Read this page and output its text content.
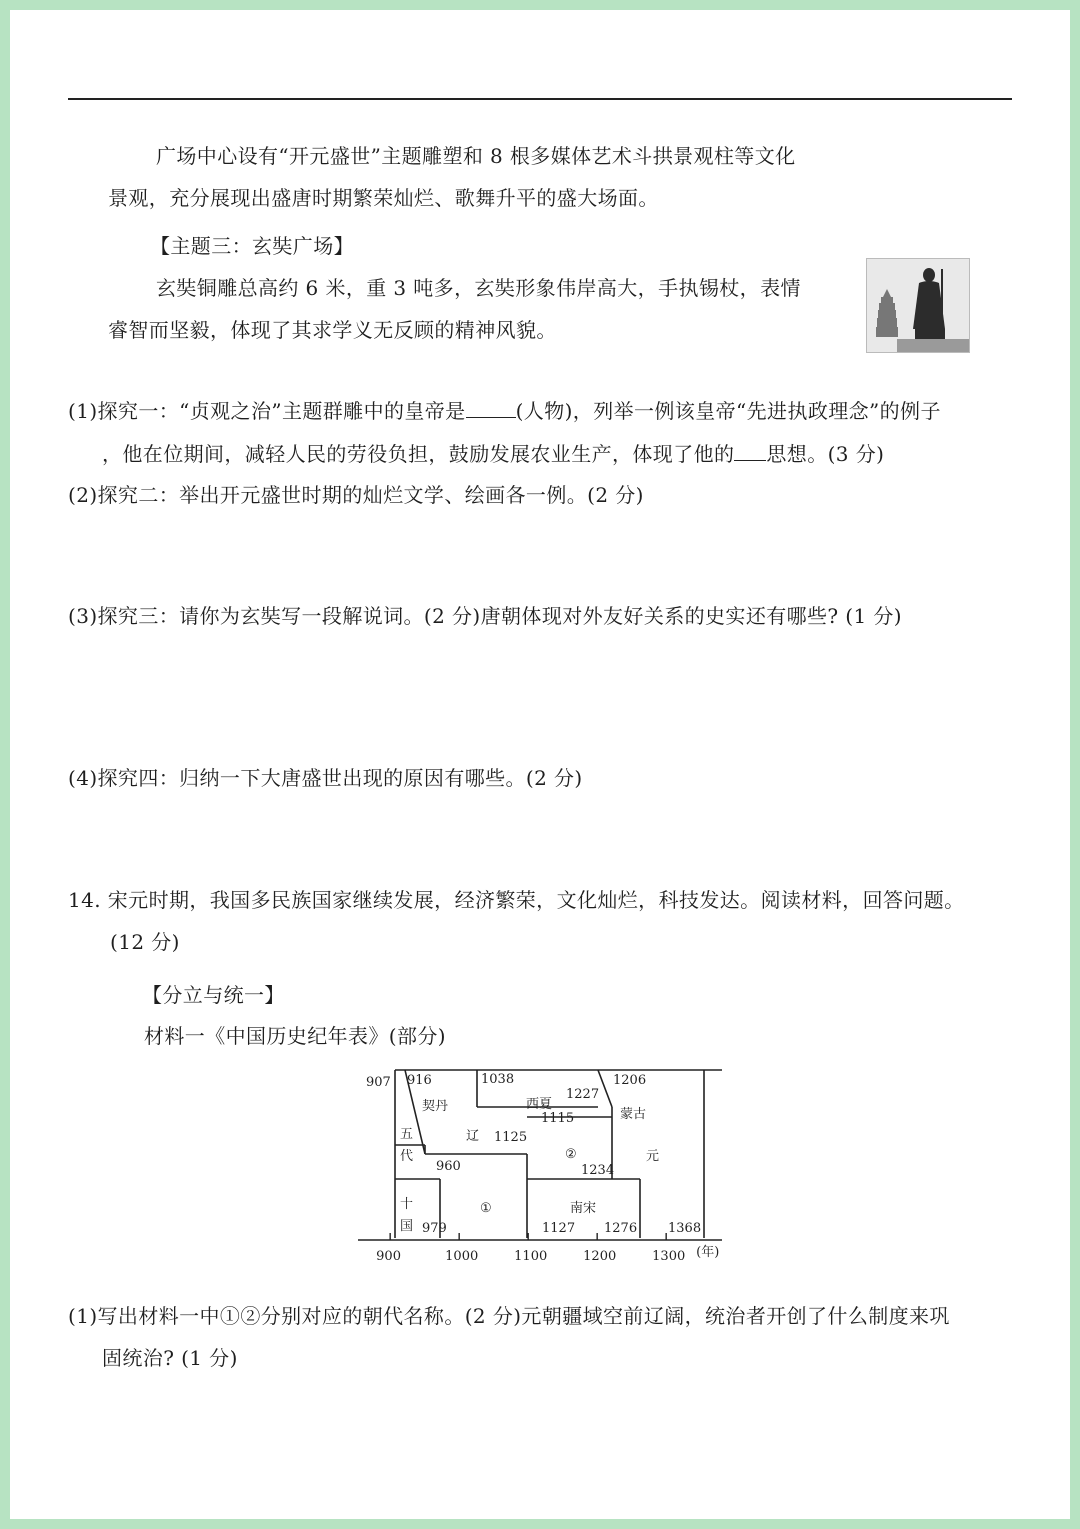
广场中心设有“开元盛世”主题雕塑和 8 根多媒体艺术斗拱景观柱等文化
景观，充分展现出盛唐时期繁荣灿烂、歌舞升平的盛大场面。
【主题三：玄奘广场】
玄奘铜雕总高约 6 米，重 3 吨多，玄奘形象伟岸高大，手执锡杖，表情
睿智而坚毅，体现了其求学义无反顾的精神风貌。
(1)探究一：“贞观之治”主题群雕中的皇帝是	(人物)，列举一例该皇帝“先进执政理念”的例子
，他在位期间，减轻人民的劳役负担，鼓励发展农业生产，体现了他的 思想。(3 分)
(2)探究二：举出开元盛世时期的灿烂文学、绘画各一例。(2 分)
(3)探究三：请你为玄奘写一段解说词。(2 分)唐朝体现对外友好关系的史实还有哪些? (1 分)
(4)探究四：归纳一下大唐盛世出现的原因有哪些。(2 分)
14. 宋元时期，我国多民族国家继续发展，经济繁荣，文化灿烂，科技发达。阅读材料，回答问题。
(12 分)
【分立与统一】
材料一《中国历史纪年表》(部分)
900	1000	1100	1200	1300 (年)
907 916	1038
1227
1206
1115
1125
960	1234
979	1127 1276 1368
五
代
十
国
契丹
辽
①
西夏
②
南宋
蒙古
元
(1)写出材料一中①②分别对应的朝代名称。(2 分)元朝疆域空前辽阔，统治者开创了什么制度来巩
固统治? (1 分)
